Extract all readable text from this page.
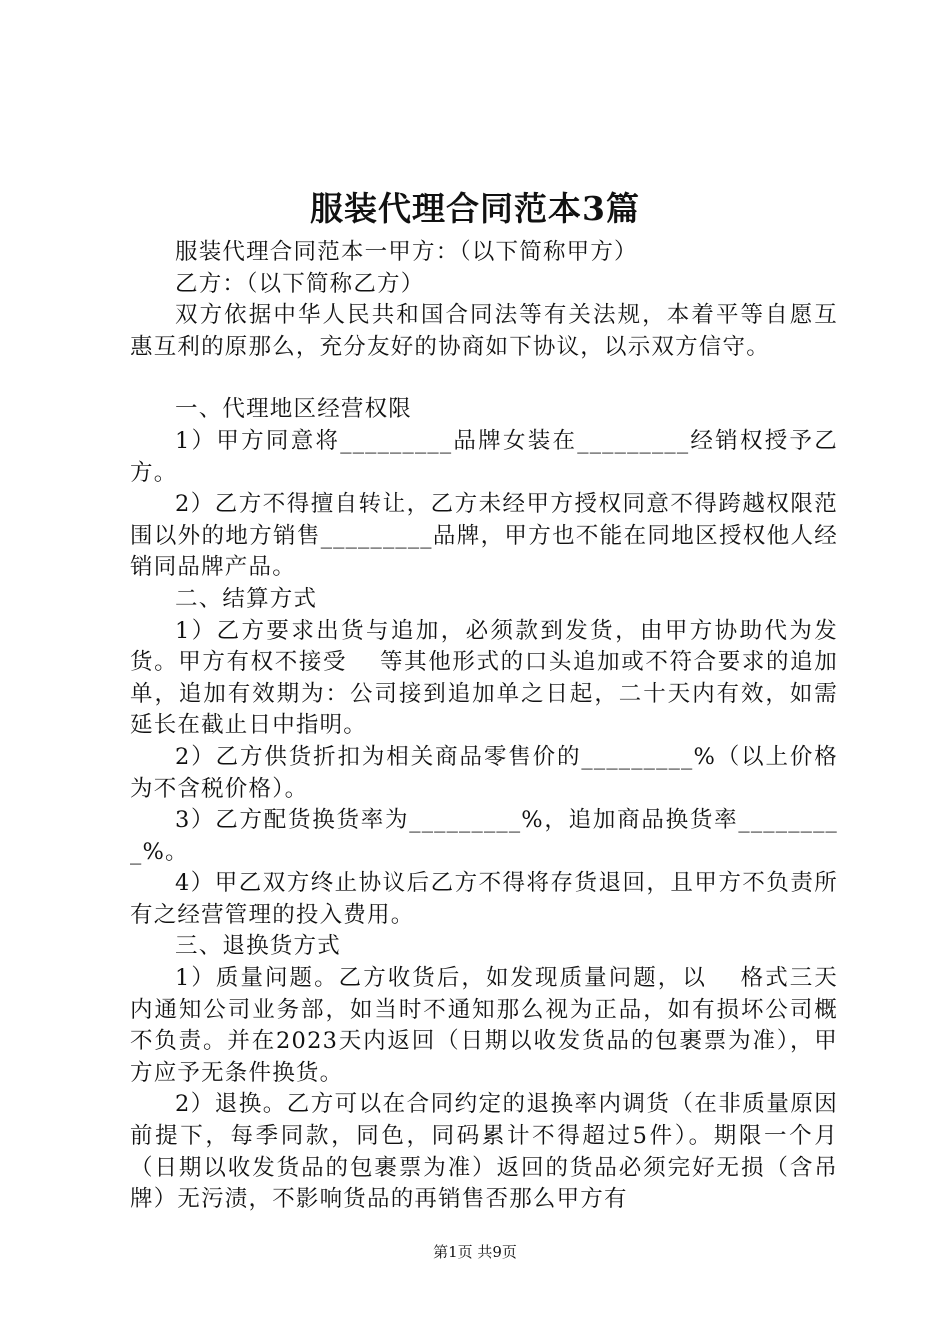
服装代理合同范本3篇

服装代理合同范本一甲方：（以下简称甲方）

乙方：（以下简称乙方）

双方依据中华人民共和国合同法等有关法规，本着平等自愿互惠互利的原那么，充分友好的协商如下协议，以示双方信守。

一、代理地区经营权限

1）甲方同意将_________品牌女装在_________经销权授予乙方。

2）乙方不得擅自转让，乙方未经甲方授权同意不得跨越权限范围以外的地方销售_________品牌，甲方也不能在同地区授权他人经销同品牌产品。

二、结算方式

1）乙方要求出货与追加，必须款到发货，由甲方协助代为发货。甲方有权不接受　 等其他形式的口头追加或不符合要求的追加单，追加有效期为：公司接到追加单之日起，二十天内有效，如需延长在截止日中指明。

2）乙方供货折扣为相关商品零售价的_________%（以上价格为不含税价格）。

3）乙方配货换货率为_________%，追加商品换货率_________%。

4）甲乙双方终止协议后乙方不得将存货退回，且甲方不负责所有之经营管理的投入费用。

三、退换货方式

1）质量问题。乙方收货后，如发现质量问题，以　 格式三天内通知公司业务部，如当时不通知那么视为正品，如有损坏公司概不负责。并在2023天内返回（日期以收发货品的包裹票为准），甲方应予无条件换货。

2）退换。乙方可以在合同约定的退换率内调货（在非质量原因前提下，每季同款，同色，同码累计不得超过5件）。期限一个月（日期以收发货品的包裹票为准）返回的货品必须完好无损（含吊牌）无污渍，不影响货品的再销售否那么甲方有

第1页 共9页
